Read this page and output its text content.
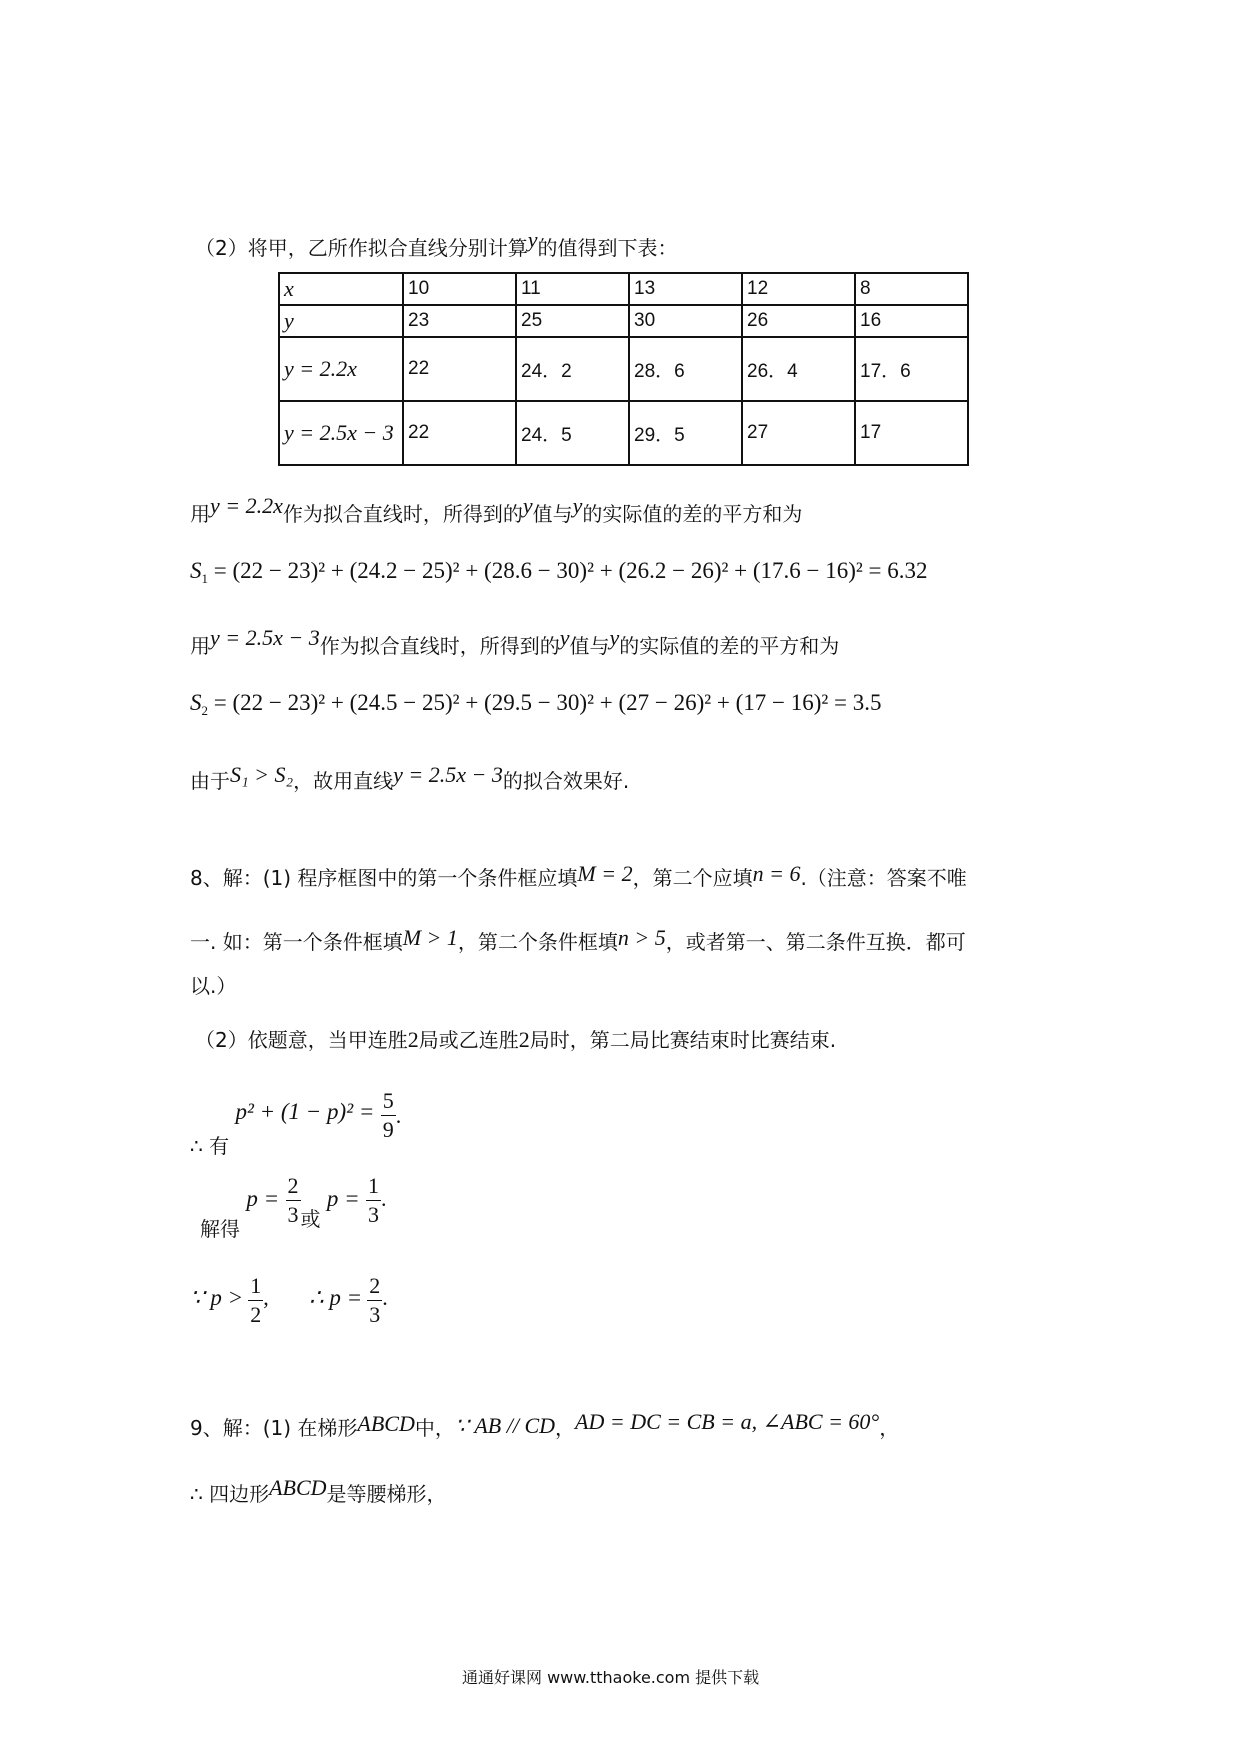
（2）将甲，乙所作拟合直线分别计算y的值得到下表：
x	10	11	13	12	8
y	23	25	30	26	16
y = 2.2x	22	24．2	28．6	26．4	17．6
y = 2.5x − 3	22	24．5	29．5	27	17
用y = 2.2x作为拟合直线时，所得到的y值与y的实际值的差的平方和为
$S_1 = (22 - 23)^2 + (24.2 - 25)^2 + (28.6 - 30)^2 + (26.2 - 26)^2 + (17.6 - 16)^2 = 6.32$
用y = 2.5x − 3作为拟合直线时，所得到的y值与y的实际值的差的平方和为
$S_2 = (22 - 23)^2 + (24.5 - 25)^2 + (29.5 - 30)^2 + (27 - 26)^2 + (17 - 16)^2 = 3.5$
由于S₁ > S₂，故用直线y = 2.5x − 3的拟合效果好.
8、解：(1) 程序框图中的第一个条件框应填M = 2，第二个应填n = 6.（注意：答案不唯
一. 如：第一个条件框填M > 1，第二个条件框填n > 5，或者第一、第二条件互换．都可
以.）
（2）依题意，当甲连胜2局或乙连胜2局时，第二局比赛结束时比赛结束.
∴ 有 $p^2 + (1 - p)^2 = \frac{5}{9}$ .
解得 $p = \frac{2}{3}$ 或 $p = \frac{1}{3}$ .
∵ $p > \frac{1}{2}$ , ∴ $p = \frac{2}{3}$ .
9、解：(1) 在梯形ABCD中，∵ AB // CD，AD = DC = CB = a, ∠ABC = 60°，
∴ 四边形ABCD是等腰梯形，
通通好课网 www.tthaoke.com 提供下载
